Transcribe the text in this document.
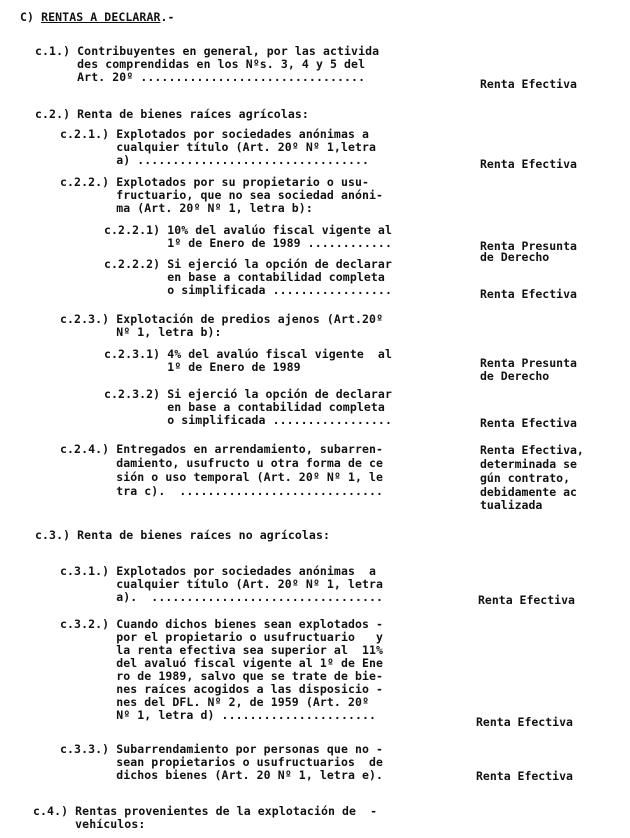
C) RENTAS A DECLARAR.-
c.1.) Contribuyentes en general, por las activida
des comprendidas en los Nºs. 3, 4 y 5 del
Art. 20º ................................	Renta Efectiva
c.2.) Renta de bienes raíces agrícolas:
c.2.1.) Explotados por sociedades anónimas a
cualquier título (Art. 20º Nº 1,letra
a) .................................	Renta Efectiva
c.2.2.) Explotados por su propietario o usu-
fructuario, que no sea sociedad anóni-
ma (Art. 20º Nº 1, letra b):
c.2.2.1) 10% del avalúo fiscal vigente al
1º de Enero de 1989 ............	Renta Presunta
de Derecho
c.2.2.2) Si ejerció la opción de declarar
en base a contabilidad completa
o simplificada .................	Renta Efectiva
c.2.3.) Explotación de predios ajenos (Art.20º
Nº 1, letra b):
c.2.3.1) 4% del avalúo fiscal vigente  al
1º de Enero de 1989	Renta Presunta
de Derecho
c.2.3.2) Si ejerció la opción de declarar
en base a contabilidad completa
o simplificada .................	Renta Efectiva
c.2.4.) Entregados en arrendamiento, subarren-
damiento, usufructo u otra forma de ce
sión o uso temporal (Art. 20º Nº 1, le
tra c).  .............................
Renta Efectiva,
determinada se
gún contrato,
debidamente ac
tualizada
c.3.) Renta de bienes raíces no agrícolas:
c.3.1.) Explotados por sociedades anónimas  a
cualquier título (Art. 20º Nº 1, letra
a).  .................................	Renta Efectiva
c.3.2.) Cuando dichos bienes sean explotados -
por el propietario o usufructuario   y
la renta efectiva sea superior al  11%
del avaluó fiscal vigente al 1º de Ene
ro de 1989, salvo que se trate de bie-
nes raíces acogidos a las disposicio -
nes del DFL. Nº 2, de 1959 (Art. 20º
Nº 1, letra d) ......................	Renta Efectiva
c.3.3.) Subarrendamiento por personas que no -
sean propietarios o usufructuarios  de
dichos bienes (Art. 20 Nº 1, letra e).	Renta Efectiva
c.4.) Rentas provenientes de la explotación de  -
vehículos:
